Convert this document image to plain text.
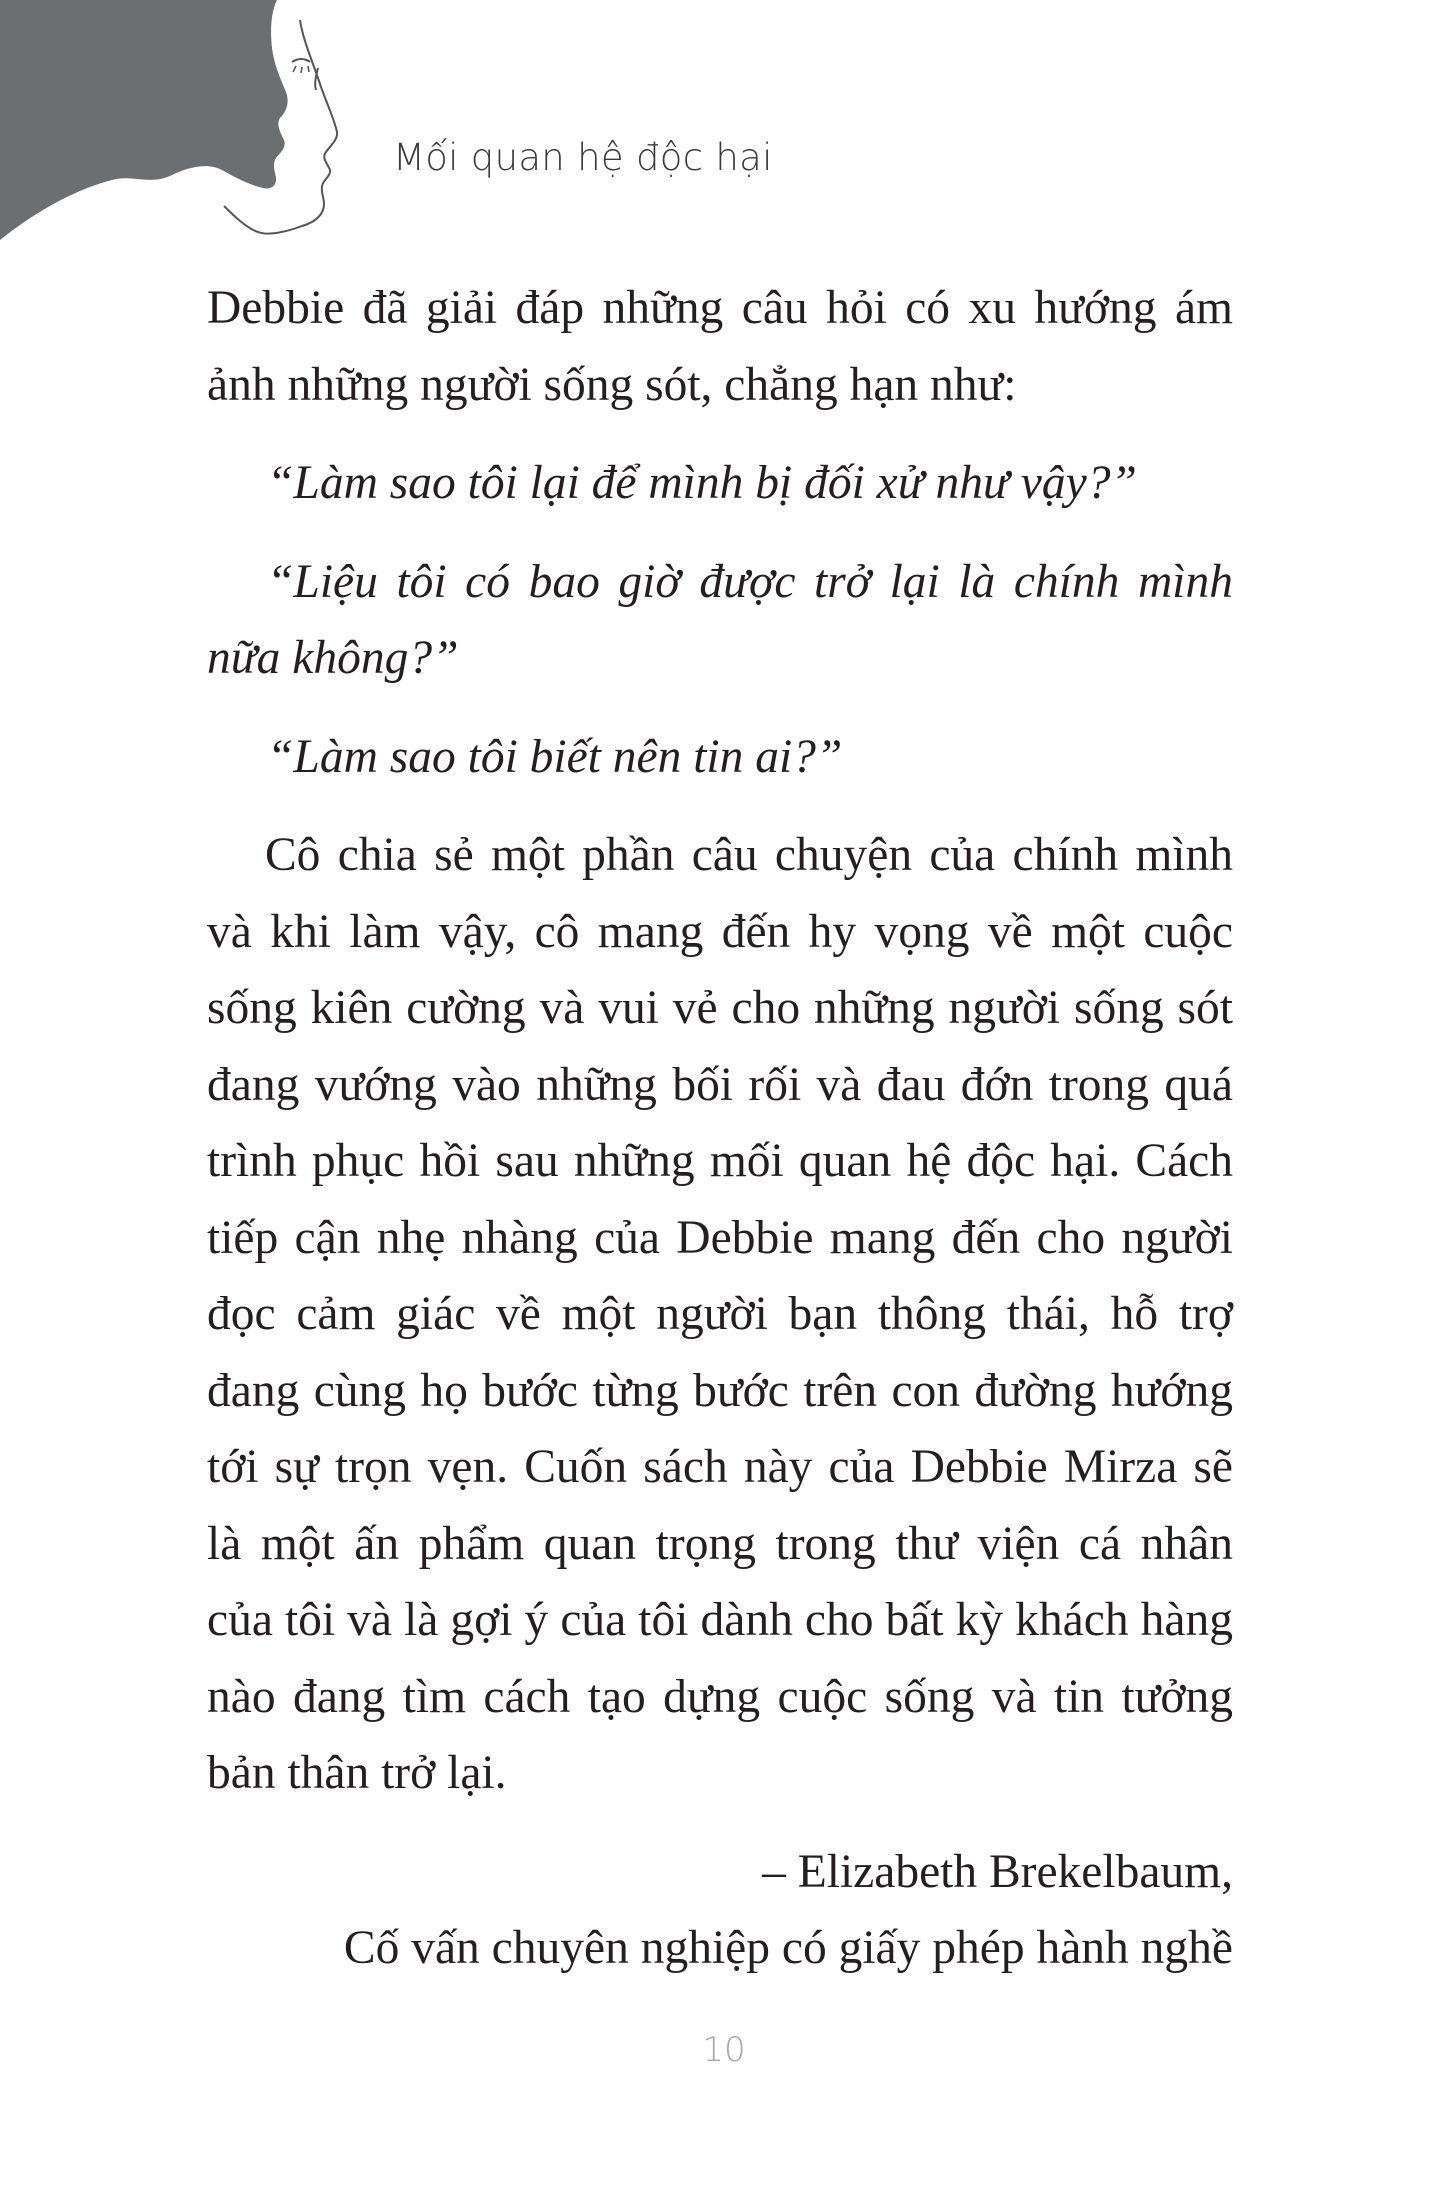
Mối quan hệ độc hại

Debbie đã giải đáp những câu hỏi có xu hướng ám ảnh những người sống sót, chẳng hạn như:

“Làm sao tôi lại để mình bị đối xử như vậy?”

“Liệu tôi có bao giờ được trở lại là chính mình nữa không?”

“Làm sao tôi biết nên tin ai?”

Cô chia sẻ một phần câu chuyện của chính mình và khi làm vậy, cô mang đến hy vọng về một cuộc sống kiên cường và vui vẻ cho những người sống sót đang vướng vào những bối rối và đau đớn trong quá trình phục hồi sau những mối quan hệ độc hại. Cách tiếp cận nhẹ nhàng của Debbie mang đến cho người đọc cảm giác về một người bạn thông thái, hỗ trợ đang cùng họ bước từng bước trên con đường hướng tới sự trọn vẹn. Cuốn sách này của Debbie Mirza sẽ là một ấn phẩm quan trọng trong thư viện cá nhân của tôi và là gợi ý của tôi dành cho bất kỳ khách hàng nào đang tìm cách tạo dựng cuộc sống và tin tưởng bản thân trở lại.

– Elizabeth Brekelbaum,

Cố vấn chuyên nghiệp có giấy phép hành nghề

10
